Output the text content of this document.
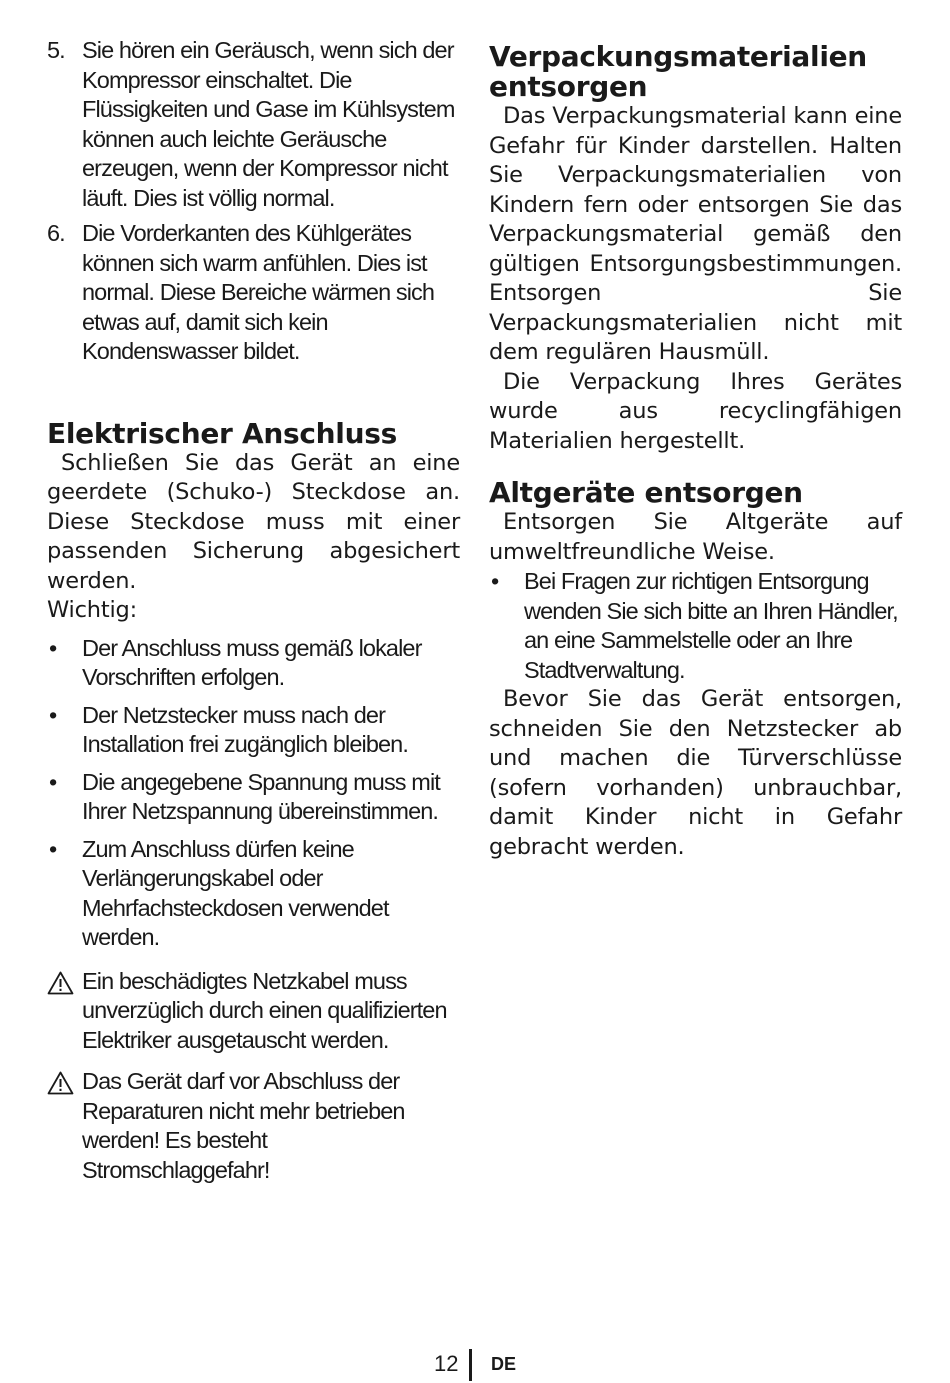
5. Sie hören ein Geräusch, wenn sich der Kompressor einschaltet. Die Flüssigkeiten und Gase im Kühlsystem können auch leichte Geräusche erzeugen, wenn der Kompressor nicht läuft. Dies ist völlig normal.
6. Die Vorderkanten des Kühlgerätes können sich warm anfühlen. Dies ist normal. Diese Bereiche wärmen sich etwas auf, damit sich kein Kondenswasser bildet.
Elektrischer Anschluss

Schließen Sie das Gerät an eine geerdete (Schuko-) Steckdose an. Diese Steckdose muss mit einer passenden Sicherung abgesichert werden.

Wichtig:

• Der Anschluss muss gemäß lokaler Vorschriften erfolgen.
• Der Netzstecker muss nach der Installation frei zugänglich bleiben.
• Die angegebene Spannung muss mit Ihrer Netzspannung übereinstimmen.
• Zum Anschluss dürfen keine Verlängerungskabel oder Mehrfachsteckdosen verwendet werden.
Ein beschädigtes Netzkabel muss unverzüglich durch einen qualifizierten Elektriker ausgetauscht werden.
Das Gerät darf vor Abschluss der Reparaturen nicht mehr betrieben werden! Es besteht Stromschlaggefahr!
Verpackungsmaterialien entsorgen

Das Verpackungsmaterial kann eine Gefahr für Kinder darstellen. Halten Sie Verpackungsmaterialien von Kindern fern oder entsorgen Sie das Verpackungsmaterial gemäß den gültigen Entsorgungsbestimmungen. Entsorgen Sie Verpackungsmaterialien nicht mit dem regulären Hausmüll.

Die Verpackung Ihres Gerätes wurde aus recyclingfähigen Materialien hergestellt.

Altgeräte entsorgen

Entsorgen Sie Altgeräte auf umweltfreundliche Weise.

• Bei Fragen zur richtigen Entsorgung wenden Sie sich bitte an Ihren Händler, an eine Sammelstelle oder an Ihre Stadtverwaltung.

Bevor Sie das Gerät entsorgen, schneiden Sie den Netzstecker ab und machen die Türverschlüsse (sofern vorhanden) unbrauchbar, damit Kinder nicht in Gefahr gebracht werden.

12 DE
